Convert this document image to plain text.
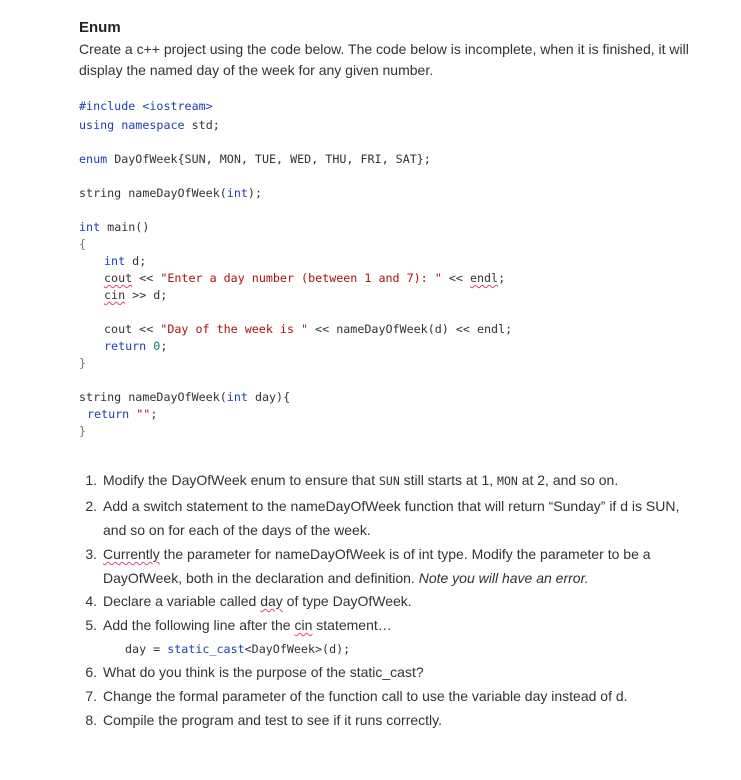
Enum

Create a c++ project using the code below. The code below is incomplete, when it is finished, it will display the named day of the week for any given number.

#include <iostream>
using namespace std;
enum DayOfWeek{SUN, MON, TUE, WED, THU, FRI, SAT};
string nameDayOfWeek(int);
int main()
{
int d;
cout << "Enter a day number (between 1 and 7): " << endl;
cin >> d;
cout << "Day of the week is " << nameDayOfWeek(d) << endl;
return 0;
}
string nameDayOfWeek(int day){
return "";
}
1. Modify the DayOfWeek enum to ensure that SUN still starts at 1, MON at 2, and so on.
2. Add a switch statement to the nameDayOfWeek function that will return “Sunday” if d is SUN, and so on for each of the days of the week.
3. Currently the parameter for nameDayOfWeek is of int type. Modify the parameter to be a DayOfWeek, both in the declaration and definition. Note you will have an error.
4. Declare a variable called day of type DayOfWeek.
5. Add the following line after the cin statement…
day = static_cast<DayOfWeek>(d);
6. What do you think is the purpose of the static_cast?
7. Change the formal parameter of the function call to use the variable day instead of d.
8. Compile the program and test to see if it runs correctly.
